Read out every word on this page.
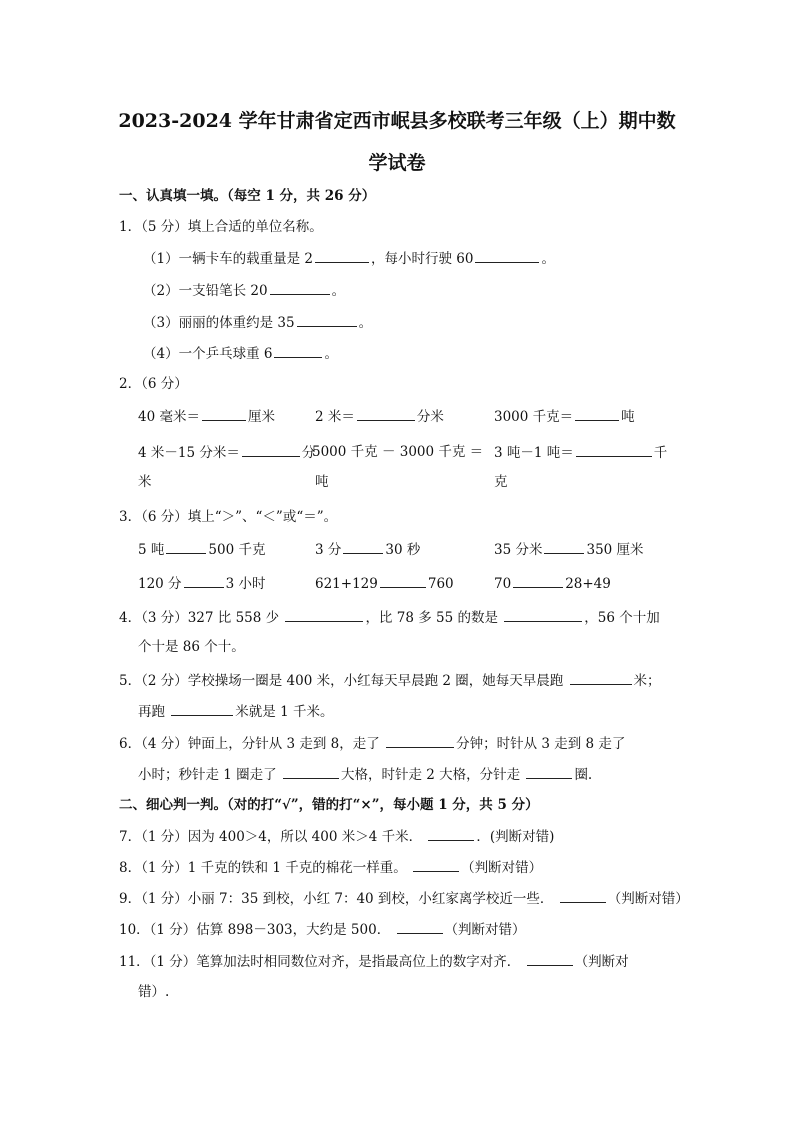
2023-2024 学年甘肃省定西市岷县多校联考三年级（上）期中数
学试卷
一、认真填一填。（每空 1 分，共 26 分）
1．（5 分）填上合适的单位名称。
（1）一辆卡车的载重量是 2	，每小时行驶 60	。
（2）一支铅笔长 20	。
（3）丽丽的体重约是 35	。
（4）一个乒乓球重 6	。
2．（6 分）
40 毫米＝	厘米	2 米＝	分米	3000 千克＝	吨
4 米－15 分米＝	分
米
5000 千克 － 3000 千克 ＝
吨
3 吨－1 吨＝	千
克
3．（6 分）填上“＞”、“＜”或“＝”。
5 吨	500 千克	3 分	30 秒	35 分米	350 厘米
120 分	3 小时	621+129	760	70	28+49
4．（3 分）327 比 558 少	，比 78 多 55 的数是	，56 个十加
个十是 86 个十。
5．（2 分）学校操场一圈是 400 米，小红每天早晨跑 2 圈，她每天早晨跑	米；
再跑	米就是 1 千米。
6．（4 分）钟面上，分针从 3 走到 8，走了	分钟；时针从 3 走到 8 走了
小时；秒针走 1 圈走了	大格，时针走 2 大格，分针走	圈.
二、细心判一判。（对的打“√”，错的打“×”，每小题 1 分，共 5 分）
7．（1 分）因为 400＞4，所以 400 米＞4 千米．	．(判断对错)
8．（1 分）1 千克的铁和 1 千克的棉花一样重。	（判断对错）
9．（1 分）小丽 7：35 到校，小红 7：40 到校，小红家离学校近一些．	（判断对错）
10．（1 分）估算 898－303，大约是 500．	（判断对错）
11．（1 分）笔算加法时相同数位对齐，是指最高位上的数字对齐．	（判断对
错）.
